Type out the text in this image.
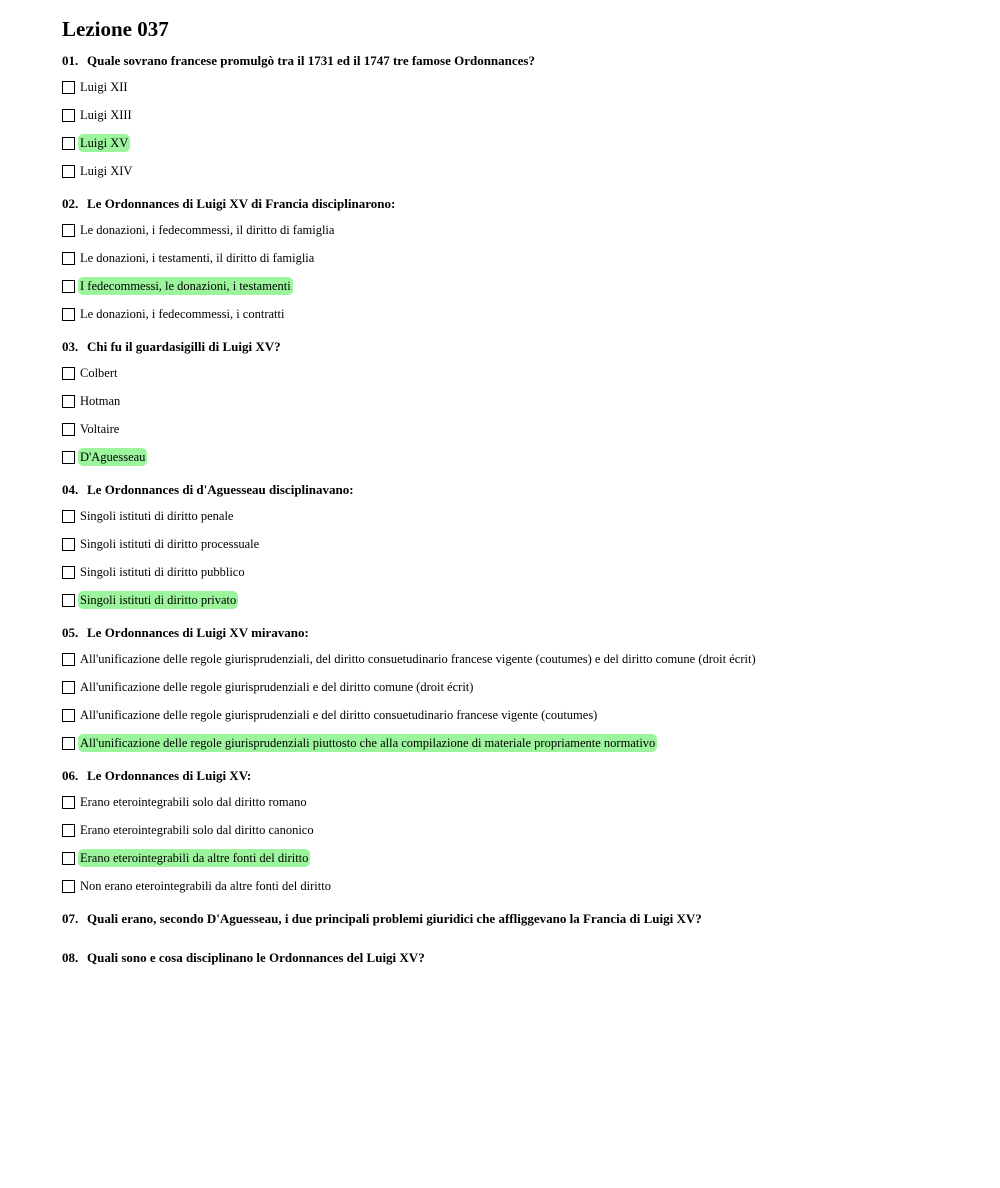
Lezione 037
01. Quale sovrano francese promulgò tra il 1731 ed il 1747 tre famose Ordonnances?
Luigi XII
Luigi XIII
Luigi XV
Luigi XIV
02. Le Ordonnances di Luigi XV di Francia disciplinarono:
Le donazioni, i fedecommessi, il diritto di famiglia
Le donazioni, i testamenti, il diritto di famiglia
I fedecommessi, le donazioni, i testamenti
Le donazioni, i fedecommessi, i contratti
03. Chi fu il guardasigilli di Luigi XV?
Colbert
Hotman
Voltaire
D'Aguesseau
04. Le Ordonnances di d'Aguesseau disciplinavano:
Singoli istituti di diritto penale
Singoli istituti di diritto processuale
Singoli istituti di diritto pubblico
Singoli istituti di diritto privato
05. Le Ordonnances di Luigi XV miravano:
All'unificazione delle regole giurisprudenziali, del diritto consuetudinario francese vigente (coutumes) e del diritto comune (droit écrit)
All'unificazione delle regole giurisprudenziali e del diritto comune (droit écrit)
All'unificazione delle regole giurisprudenziali e del diritto consuetudinario francese vigente (coutumes)
All'unificazione delle regole giurisprudenziali piuttosto che alla compilazione di materiale propriamente normativo
06. Le Ordonnances di Luigi XV:
Erano eterointegrabili solo dal diritto romano
Erano eterointegrabili solo dal diritto canonico
Erano eterointegrabili da altre fonti del diritto
Non erano eterointegrabili da altre fonti del diritto
07. Quali erano, secondo D'Aguesseau, i due principali problemi giuridici che affliggevano la Francia di Luigi XV?
08. Quali sono e cosa disciplinano le Ordonnances del Luigi XV?
